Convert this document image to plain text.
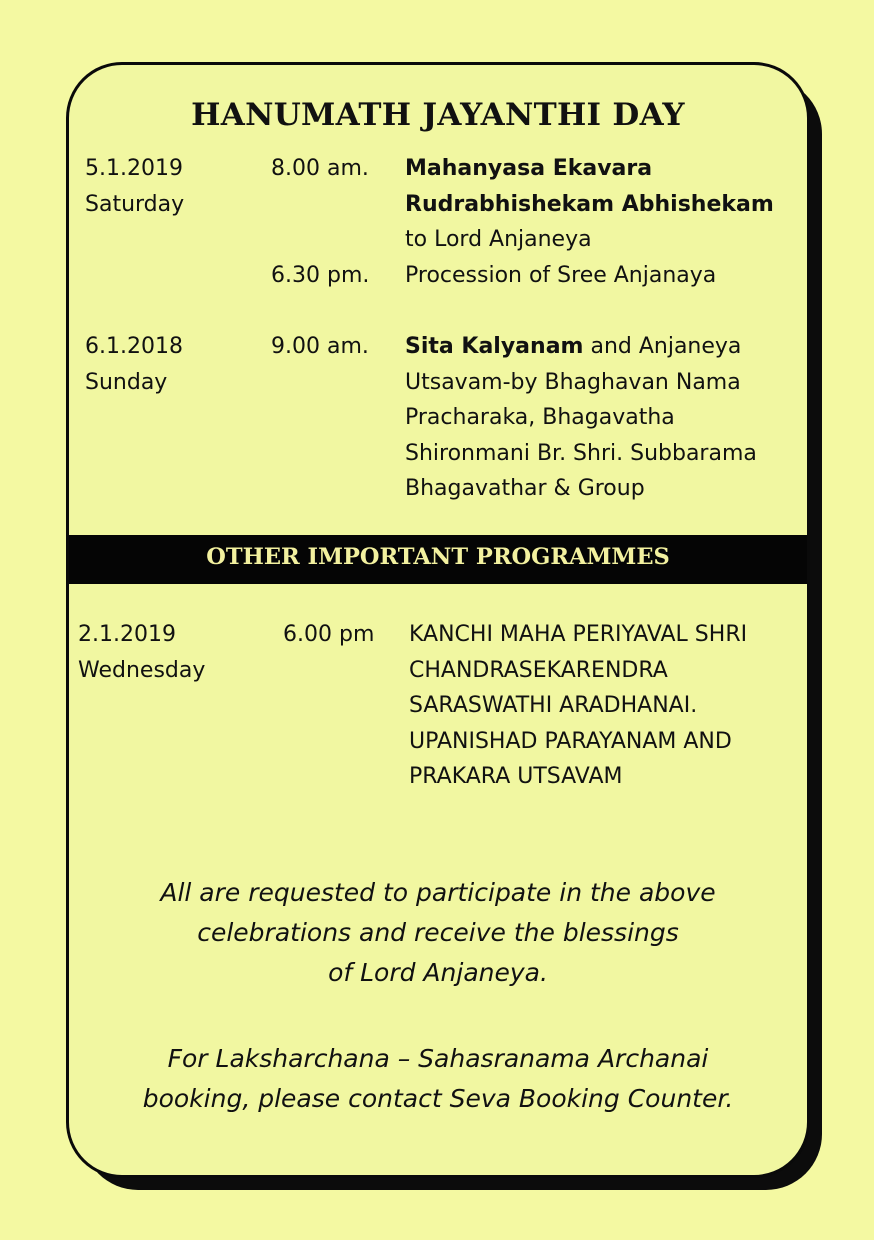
HANUMATH JAYANTHI DAY
5.1.2019
Saturday
8.00 am. Mahanyasa Ekavara
Rudrabhishekam Abhishekam
to Lord Anjaneya
6.30 pm. Procession of Sree Anjanaya
6.1.2018
Sunday
9.00 am. Sita Kalyanam and Anjaneya
Utsavam-by Bhaghavan Nama
Pracharaka, Bhagavatha
Shironmani Br. Shri. Subbarama
Bhagavathar & Group
OTHER IMPORTANT PROGRAMMES
2.1.2019
Wednesday
6.00 pm KANCHI MAHA PERIYAVAL SHRI
CHANDRASEKARENDRA
SARASWATHI ARADHANAI.
UPANISHAD PARAYANAM AND
PRAKARA UTSAVAM
All are requested to participate in the above
celebrations and receive the blessings
of Lord Anjaneya.
For Laksharchana – Sahasranama Archanai
booking, please contact Seva Booking Counter.
